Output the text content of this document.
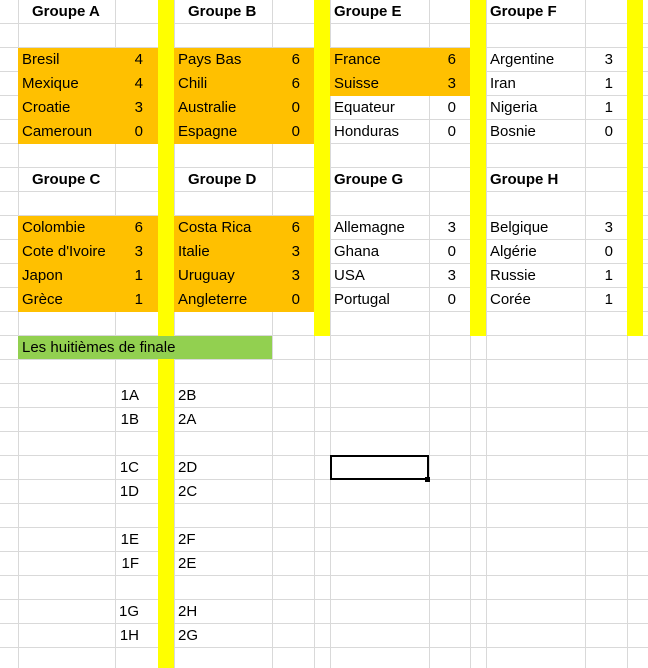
Groupe A
Bresil	4
Mexique	4
Croatie	3
Cameroun	0
Groupe B
Pays Bas	6
Chili	6
Australie	0
Espagne	0
Groupe E
France	6
Suisse	3
Equateur	0
Honduras	0
Groupe F
Argentine	3
Iran	1
Nigeria	1
Bosnie	0
Groupe C
Colombie	6
Cote d'Ivoire	3
Japon	1
Grèce	1
Groupe D
Costa Rica	6
Italie	3
Uruguay	3
Angleterre	0
Groupe G
Allemagne	3
Ghana	0
USA	3
Portugal	0
Groupe H
Belgique	3
Algérie	0
Russie	1
Corée	1
Les huitièmes de finale
1A	2B
1B	2A
1C	2D
1D	2C
1E	2F
1F	2E
1G	2H
1H	2G
